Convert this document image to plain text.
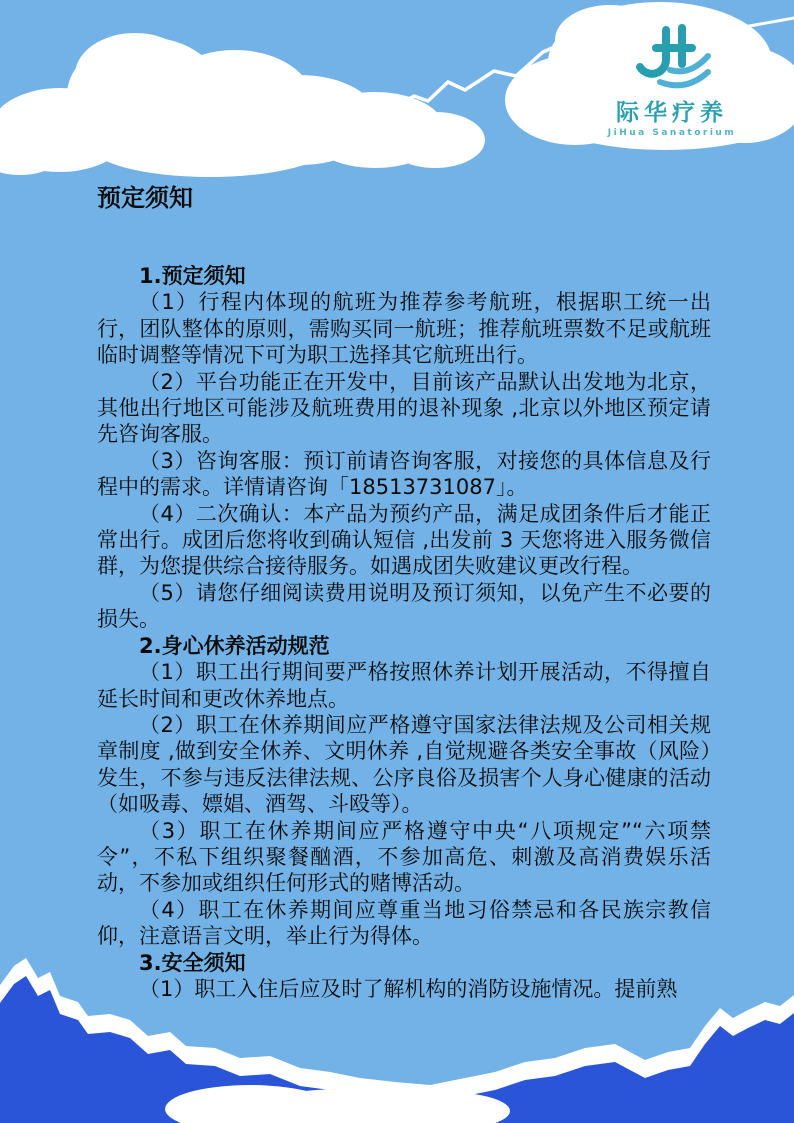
际华疗养
JiHua Sanatorium
预定须知
1.预定须知

（1）行程内体现的航班为推荐参考航班，根据职工统一出行，团队整体的原则，需购买同一航班；推荐航班票数不足或航班临时调整等情况下可为职工选择其它航班出行。

（2）平台功能正在开发中，目前该产品默认出发地为北京，其他出行地区可能涉及航班费用的退补现象 ,北京以外地区预定请先咨询客服。

（3）咨询客服：预订前请咨询客服，对接您的具体信息及行程中的需求。详情请咨询「18513731087」。

（4）二次确认：本产品为预约产品，满足成团条件后才能正常出行。成团后您将收到确认短信 ,出发前 3 天您将进入服务微信群，为您提供综合接待服务。如遇成团失败建议更改行程。

（5）请您仔细阅读费用说明及预订须知，以免产生不必要的损失。

2.身心休养活动规范

（1）职工出行期间要严格按照休养计划开展活动，不得擅自延长时间和更改休养地点。

（2）职工在休养期间应严格遵守国家法律法规及公司相关规章制度 ,做到安全休养、文明休养 ,自觉规避各类安全事故（风险）发生，不参与违反法律法规、公序良俗及损害个人身心健康的活动（如吸毒、嫖娼、酒驾、斗殴等）。

（3）职工在休养期间应严格遵守中央“八项规定”“六项禁令”，不私下组织聚餐酗酒，不参加高危、刺激及高消费娱乐活动，不参加或组织任何形式的赌博活动。

（4）职工在休养期间应尊重当地习俗禁忌和各民族宗教信仰，注意语言文明，举止行为得体。

3.安全须知

（1）职工入住后应及时了解机构的消防设施情况。提前熟
